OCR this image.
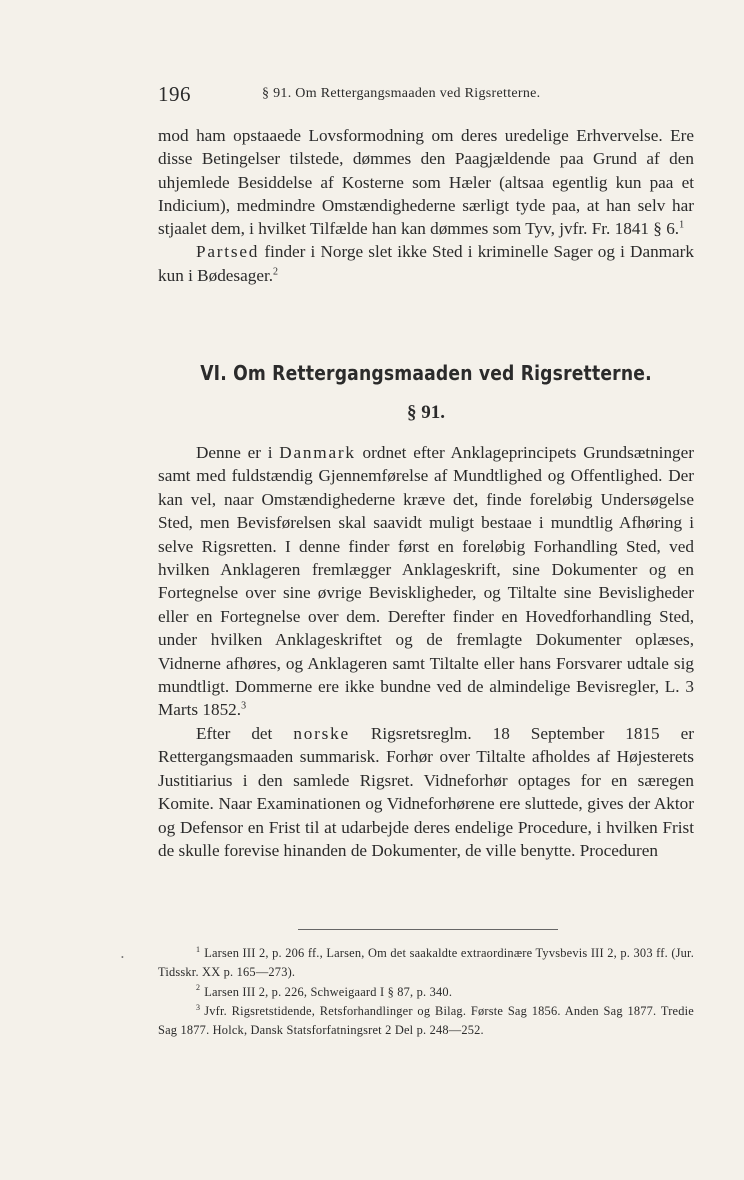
196	§ 91. Om Rettergangsmaaden ved Rigsretterne.

mod ham opstaaede Lovsformodning om deres uredelige Erhvervelse. Ere disse Betingelser tilstede, dømmes den Paagjældende paa Grund af den uhjemlede Besiddelse af Kosterne som Hæler (altsaa egentlig kun paa et Indicium), medmindre Omstændighederne særligt tyde paa, at han selv har stjaalet dem, i hvilket Tilfælde han kan dømmes som Tyv, jvfr. Fr. 1841 § 6.$^1$

Partsed finder i Norge slet ikke Sted i kriminelle Sager og i Danmark kun i Bødesager.$^2$

VI. Om Rettergangsmaaden ved Rigsretterne.
§ 91.

Denne er i Danmark ordnet efter Anklageprincipets Grundsætninger samt med fuldstændig Gjennemførelse af Mundtlighed og Offentlighed. Der kan vel, naar Omstændighederne kræve det, finde foreløbig Undersøgelse Sted, men Bevisførelsen skal saavidt muligt bestaae i mundtlig Afhøring i selve Rigsretten. I denne finder først en foreløbig Forhandling Sted, ved hvilken Anklageren fremlægger Anklageskrift, sine Dokumenter og en Fortegnelse over sine øvrige Beviskligheder, og Tiltalte sine Bevisligheder eller en Fortegnelse over dem. Derefter finder en Hovedforhandling Sted, under hvilken Anklageskriftet og de fremlagte Dokumenter oplæses, Vidnerne afhøres, og Anklageren samt Tiltalte eller hans Forsvarer udtale sig mundtligt. Dommerne ere ikke bundne ved de almindelige Bevisregler, L. 3 Marts 1852.$^3$

Efter det norske Rigsretsreglm. 18 September 1815 er Rettergangsmaaden summarisk. Forhør over Tiltalte afholdes af Højesterets Justitiarius i den samlede Rigsret. Vidneforhør optages for en særegen Komite. Naar Examinationen og Vidneforhørene ere sluttede, gives der Aktor og Defensor en Frist til at udarbejde deres endelige Procedure, i hvilken Frist de skulle forevise hinanden de Dokumenter, de ville benytte. Proceduren

$^1$ Larsen III 2, p. 206 ff., Larsen, Om det saakaldte extraordinære Tyvsbevis III 2, p. 303 ff. (Jur. Tidsskr. XX p. 165—273).

$^2$ Larsen III 2, p. 226, Schweigaard I § 87, p. 340.

$^3$ Jvfr. Rigsretstidende, Retsforhandlinger og Bilag. Første Sag 1856. Anden Sag 1877. Tredie Sag 1877. Holck, Dansk Statsforfatningsret 2 Del p. 248—252.

•
